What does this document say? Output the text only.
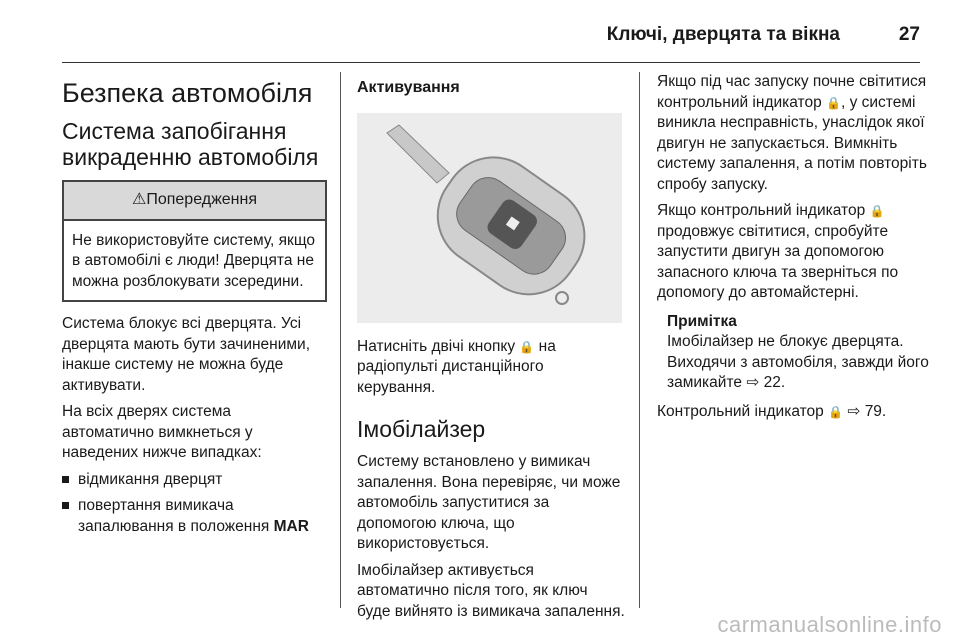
Ключі, дверцята та вікна	27
Безпека автомобіля
Система запобігання викраденню автомобіля
⚠Попередження
Не використовуйте систему, якщо в автомобілі є люди! Дверцята не можна розблокувати зсередини.

Система блокує всі дверцята. Усі дверцята мають бути зачиненими, інакше систему не можна буде активувати.

На всіх дверях система автоматично вимкнеться у наведених нижче випадках:

відмикання дверцят
повертання вимикача запалювання в положення MAR
Активування

Натисніть двічі кнопку 🔒 на радіопульті дистанційного керування.

Імобілайзер

Систему встановлено у вимикач запалення. Вона перевіряє, чи може автомобіль запуститися за допомогою ключа, що використовується.

Імобілайзер активується автоматично після того, як ключ буде вийнято із вимикача запалення.

Якщо під час запуску почне світитися контрольний індикатор 🔒, у системі виникла несправність, унаслідок якої двигун не запускається. Вимкніть систему запалення, а потім повторіть спробу запуску.

Якщо контрольний індикатор 🔒 продовжує світитися, спробуйте запустити двигун за допомогою запасного ключа та зверніться по допомогу до автомайстерні.

Примітка
Імобілайзер не блокує дверцята. Виходячи з автомобіля, завжди його замикайте ⇨ 22.

Контрольний індикатор 🔒 ⇨ 79.

carmanualsonline.info
